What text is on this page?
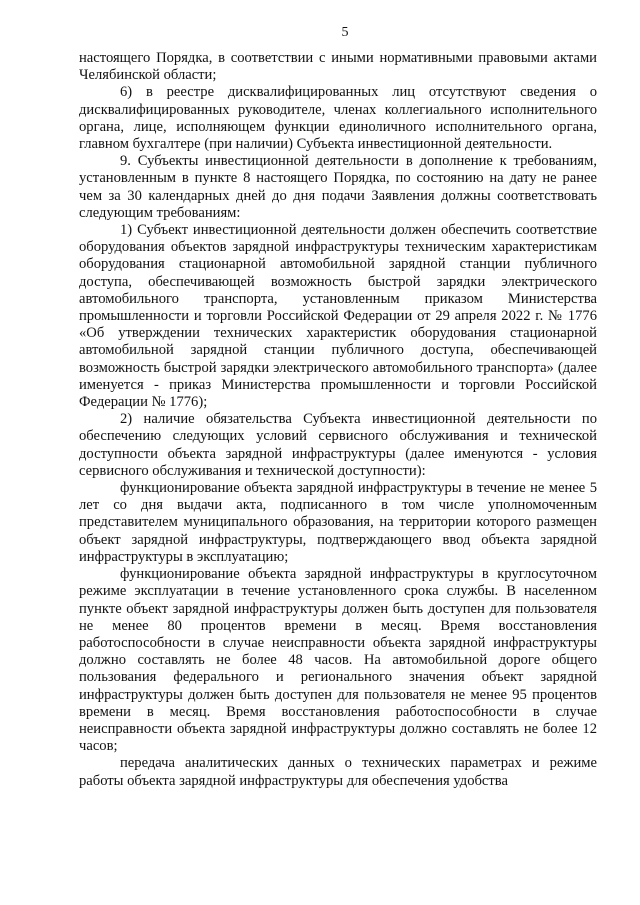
5

настоящего Порядка, в соответствии с иными нормативными правовыми актами Челябинской области;

6) в реестре дисквалифицированных лиц отсутствуют сведения о дисквалифицированных руководителе, членах коллегиального исполнительного органа, лице, исполняющем функции единоличного исполнительного органа, главном бухгалтере (при наличии) Субъекта инвестиционной деятельности.

9. Субъекты инвестиционной деятельности в дополнение к требованиям, установленным в пункте 8 настоящего Порядка, по состоянию на дату не ранее чем за 30 календарных дней до дня подачи Заявления должны соответствовать следующим требованиям:

1) Субъект инвестиционной деятельности должен обеспечить соответствие оборудования объектов зарядной инфраструктуры техническим характеристикам оборудования стационарной автомобильной зарядной станции публичного доступа, обеспечивающей возможность быстрой зарядки электрического автомобильного транспорта, установленным приказом Министерства промышленности и торговли Российской Федерации от 29 апреля 2022 г. № 1776 «Об утверждении технических характеристик оборудования стационарной автомобильной зарядной станции публичного доступа, обеспечивающей возможность быстрой зарядки электрического автомобильного транспорта» (далее именуется - приказ Министерства промышленности и торговли Российской Федерации № 1776);

2) наличие обязательства Субъекта инвестиционной деятельности по обеспечению следующих условий сервисного обслуживания и технической доступности объекта зарядной инфраструктуры (далее именуются - условия сервисного обслуживания и технической доступности):

функционирование объекта зарядной инфраструктуры в течение не менее 5 лет со дня выдачи акта, подписанного в том числе уполномоченным представителем муниципального образования, на территории которого размещен объект зарядной инфраструктуры, подтверждающего ввод объекта зарядной инфраструктуры в эксплуатацию;

функционирование объекта зарядной инфраструктуры в круглосуточном режиме эксплуатации в течение установленного срока службы. В населенном пункте объект зарядной инфраструктуры должен быть доступен для пользователя не менее 80 процентов времени в месяц. Время восстановления работоспособности в случае неисправности объекта зарядной инфраструктуры должно составлять не более 48 часов. На автомобильной дороге общего пользования федерального и регионального значения объект зарядной инфраструктуры должен быть доступен для пользователя не менее 95 процентов времени в месяц. Время восстановления работоспособности в случае неисправности объекта зарядной инфраструктуры должно составлять не более 12 часов;

передача аналитических данных о технических параметрах и режиме работы объекта зарядной инфраструктуры для обеспечения удобства
